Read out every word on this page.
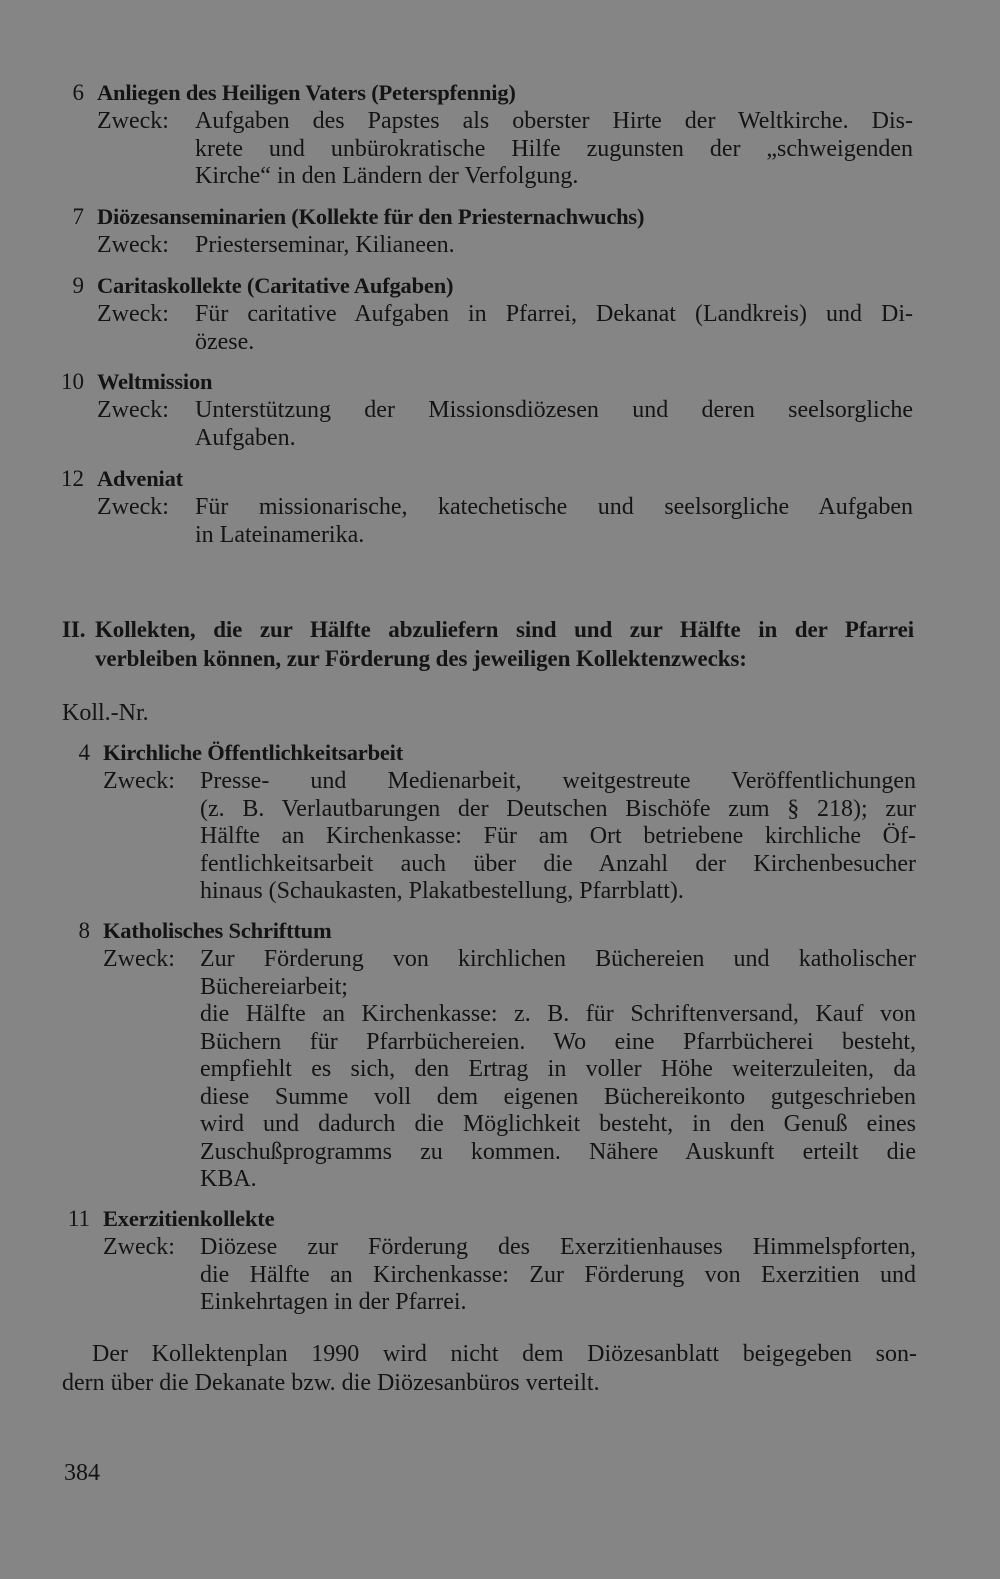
6 Anliegen des Heiligen Vaters (Peterspfennig)
Zweck: Aufgaben des Papstes als oberster Hirte der Weltkirche. Dis-
krete und unbürokratische Hilfe zugunsten der „schweigenden
Kirche“ in den Ländern der Verfolgung.
7 Diözesanseminarien (Kollekte für den Priesternachwuchs)
Zweck: Priesterseminar, Kilianeen.
9 Caritaskollekte (Caritative Aufgaben)
Zweck: Für caritative Aufgaben in Pfarrei, Dekanat (Landkreis) und Di-
özese.
10 Weltmission
Zweck: Unterstützung der Missionsdiözesen und deren seelsorgliche
Aufgaben.
12 Adveniat
Zweck: Für missionarische, katechetische und seelsorgliche Aufgaben
in Lateinamerika.
II. Kollekten, die zur Hälfte abzuliefern sind und zur Hälfte in der Pfarrei
verbleiben können, zur Förderung des jeweiligen Kollektenzwecks:
Koll.-Nr.
4 Kirchliche Öffentlichkeitsarbeit
Zweck: Presse- und Medienarbeit, weitgestreute Veröffentlichungen
(z. B. Verlautbarungen der Deutschen Bischöfe zum § 218); zur
Hälfte an Kirchenkasse: Für am Ort betriebene kirchliche Öf-
fentlichkeitsarbeit auch über die Anzahl der Kirchenbesucher
hinaus (Schaukasten, Plakatbestellung, Pfarrblatt).
8 Katholisches Schrifttum
Zweck: Zur Förderung von kirchlichen Büchereien und katholischer
Büchereiarbeit;
die Hälfte an Kirchenkasse: z. B. für Schriftenversand, Kauf von
Büchern für Pfarrbüchereien. Wo eine Pfarrbücherei besteht,
empfiehlt es sich, den Ertrag in voller Höhe weiterzuleiten, da
diese Summe voll dem eigenen Büchereikonto gutgeschrieben
wird und dadurch die Möglichkeit besteht, in den Genuß eines
Zuschußprogramms zu kommen. Nähere Auskunft erteilt die
KBA.
11 Exerzitienkollekte
Zweck: Diözese zur Förderung des Exerzitienhauses Himmelspforten,
die Hälfte an Kirchenkasse: Zur Förderung von Exerzitien und
Einkehrtagen in der Pfarrei.
Der Kollektenplan 1990 wird nicht dem Diözesanblatt beigegeben son-
dern über die Dekanate bzw. die Diözesanbüros verteilt.
384
